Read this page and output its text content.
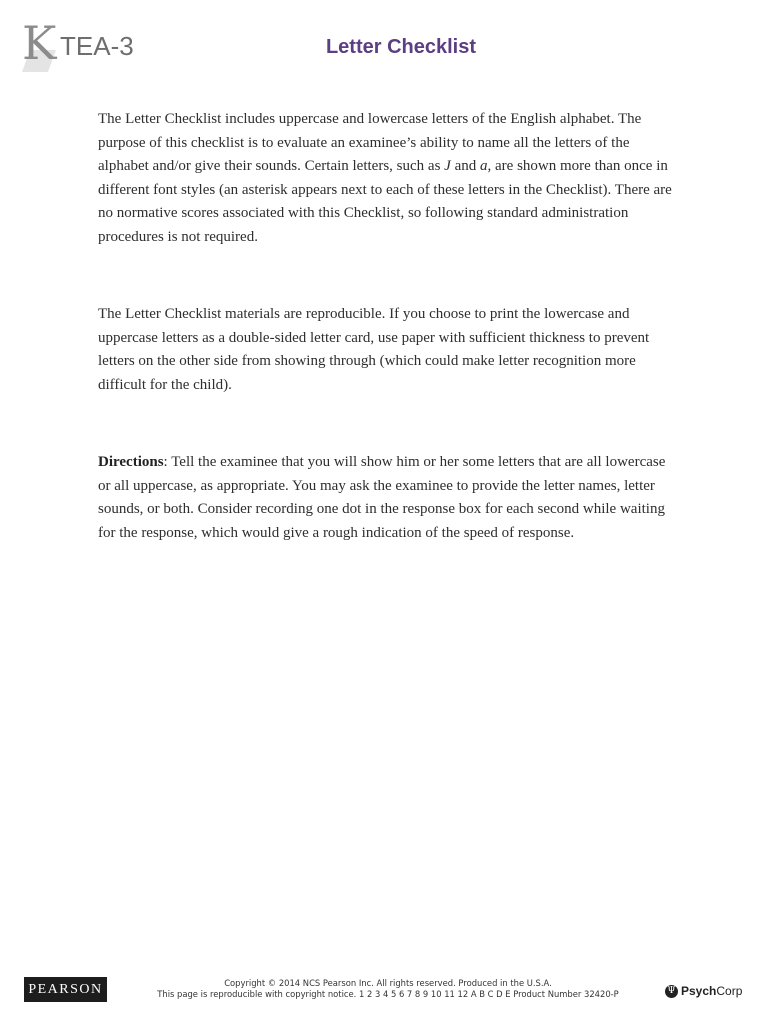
K TEA-3	Letter Checklist
The Letter Checklist includes uppercase and lowercase letters of the English alphabet. The purpose of this checklist is to evaluate an examinee’s ability to name all the letters of the alphabet and/or give their sounds. Certain letters, such as J and a, are shown more than once in different font styles (an asterisk appears next to each of these letters in the Checklist). There are no normative scores associated with this Checklist, so following standard administration procedures is not required.
The Letter Checklist materials are reproducible. If you choose to print the lowercase and uppercase letters as a double-sided letter card, use paper with sufficient thickness to prevent letters on the other side from showing through (which could make letter recognition more difficult for the child).
Directions: Tell the examinee that you will show him or her some letters that are all lowercase or all uppercase, as appropriate. You may ask the examinee to provide the letter names, letter sounds, or both. Consider recording one dot in the response box for each second while waiting for the response, which would give a rough indication of the speed of response.
PEARSON	Copyright © 2014 NCS Pearson Inc. All rights reserved. Produced in the U.S.A.
This page is reproducible with copyright notice. 1 2 3 4 5 6 7 8 9 10 11 12 A B C D E Product Number 32420-P	Ψ PsychCorp
